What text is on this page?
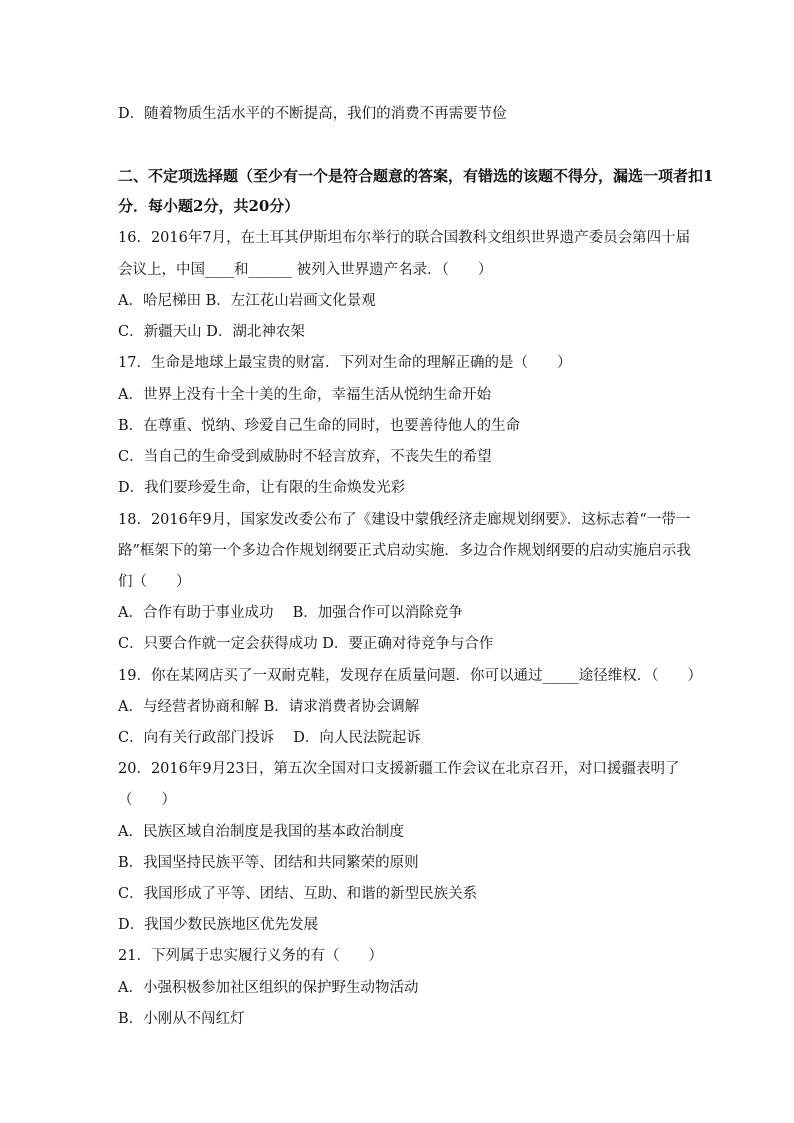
D．随着物质生活水平的不断提高，我们的消费不再需要节俭
二、不定项选择题（至少有一个是符合题意的答案，有错选的该题不得分，漏选一项者扣1
分．每小题2分，共20分）
16．2016年7月，在土耳其伊斯坦布尔举行的联合国教科文组织世界遗产委员会第四十届
会议上，中国____和______ 被列入世界遗产名录．（　　）
A．哈尼梯田 B．左江花山岩画文化景观
C．新疆天山 D．湖北神农架
17．生命是地球上最宝贵的财富．下列对生命的理解正确的是（　　）
A．世界上没有十全十美的生命，幸福生活从悦纳生命开始
B．在尊重、悦纳、珍爱自己生命的同时，也要善待他人的生命
C．当自己的生命受到威胁时不轻言放弃，不丧失生的希望
D．我们要珍爱生命，让有限的生命焕发光彩
18．2016年9月，国家发改委公布了《建设中蒙俄经济走廊规划纲要》．这标志着“一带一
路”框架下的第一个多边合作规划纲要正式启动实施．多边合作规划纲要的启动实施启示我
们（　　）
A．合作有助于事业成功　 B．加强合作可以消除竞争
C．只要合作就一定会获得成功 D．要正确对待竞争与合作
19．你在某网店买了一双耐克鞋，发现存在质量问题．你可以通过_____途径维权．（　　）
A．与经营者协商和解 B．请求消费者协会调解
C．向有关行政部门投诉　 D．向人民法院起诉
20．2016年9月23日，第五次全国对口支援新疆工作会议在北京召开，对口援疆表明了
（　　）
A．民族区域自治制度是我国的基本政治制度
B．我国坚持民族平等、团结和共同繁荣的原则
C．我国形成了平等、团结、互助、和谐的新型民族关系
D．我国少数民族地区优先发展
21．下列属于忠实履行义务的有（　　）
A．小强积极参加社区组织的保护野生动物活动
B．小刚从不闯红灯
